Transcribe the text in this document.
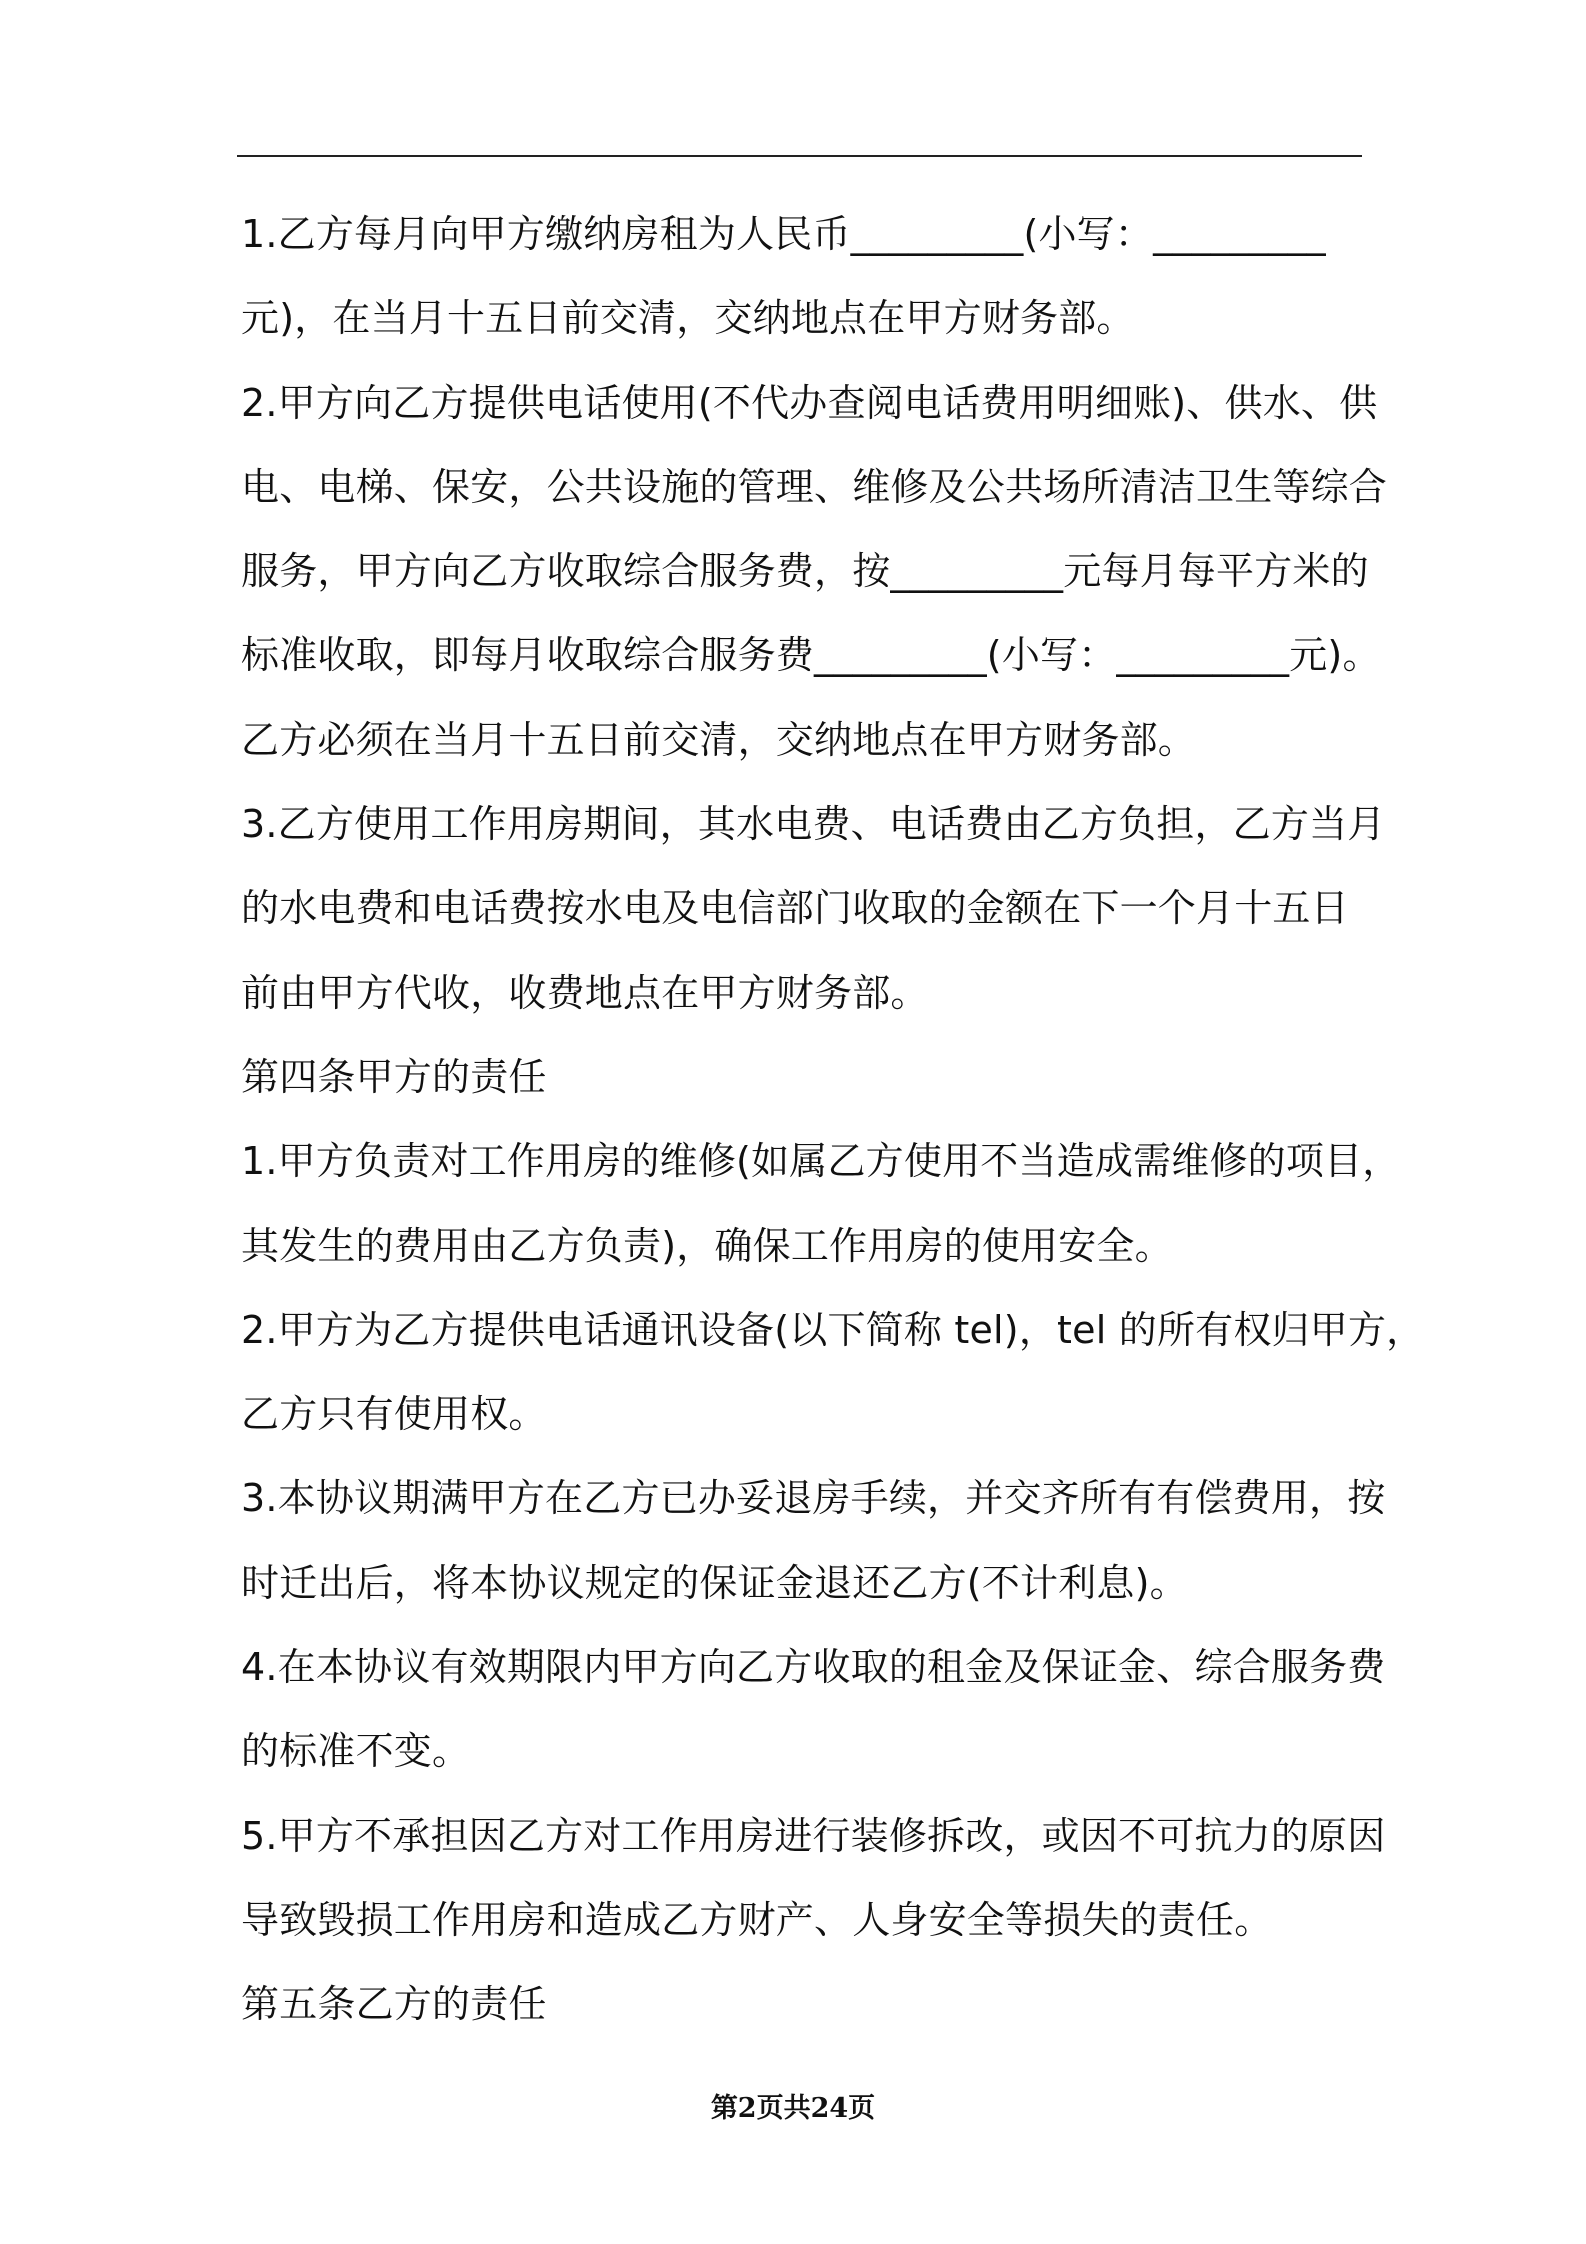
1.乙方每月向甲方缴纳房租为人民币_________(小写：_________
元)，在当月十五日前交清，交纳地点在甲方财务部。
2.甲方向乙方提供电话使用(不代办查阅电话费用明细账)、供水、供
电、电梯、保安，公共设施的管理、维修及公共场所清洁卫生等综合
服务，甲方向乙方收取综合服务费，按_________元每月每平方米的
标准收取，即每月收取综合服务费_________(小写：_________元)。
乙方必须在当月十五日前交清，交纳地点在甲方财务部。
3.乙方使用工作用房期间，其水电费、电话费由乙方负担，乙方当月
的水电费和电话费按水电及电信部门收取的金额在下一个月十五日
前由甲方代收，收费地点在甲方财务部。
第四条甲方的责任
1.甲方负责对工作用房的维修(如属乙方使用不当造成需维修的项目，
其发生的费用由乙方负责)，确保工作用房的使用安全。
2.甲方为乙方提供电话通讯设备(以下简称 tel)，tel 的所有权归甲方，
乙方只有使用权。
3.本协议期满甲方在乙方已办妥退房手续，并交齐所有有偿费用，按
时迁出后，将本协议规定的保证金退还乙方(不计利息)。
4.在本协议有效期限内甲方向乙方收取的租金及保证金、综合服务费
的标准不变。
5.甲方不承担因乙方对工作用房进行装修拆改，或因不可抗力的原因
导致毁损工作用房和造成乙方财产、人身安全等损失的责任。
第五条乙方的责任
第2页共24页
